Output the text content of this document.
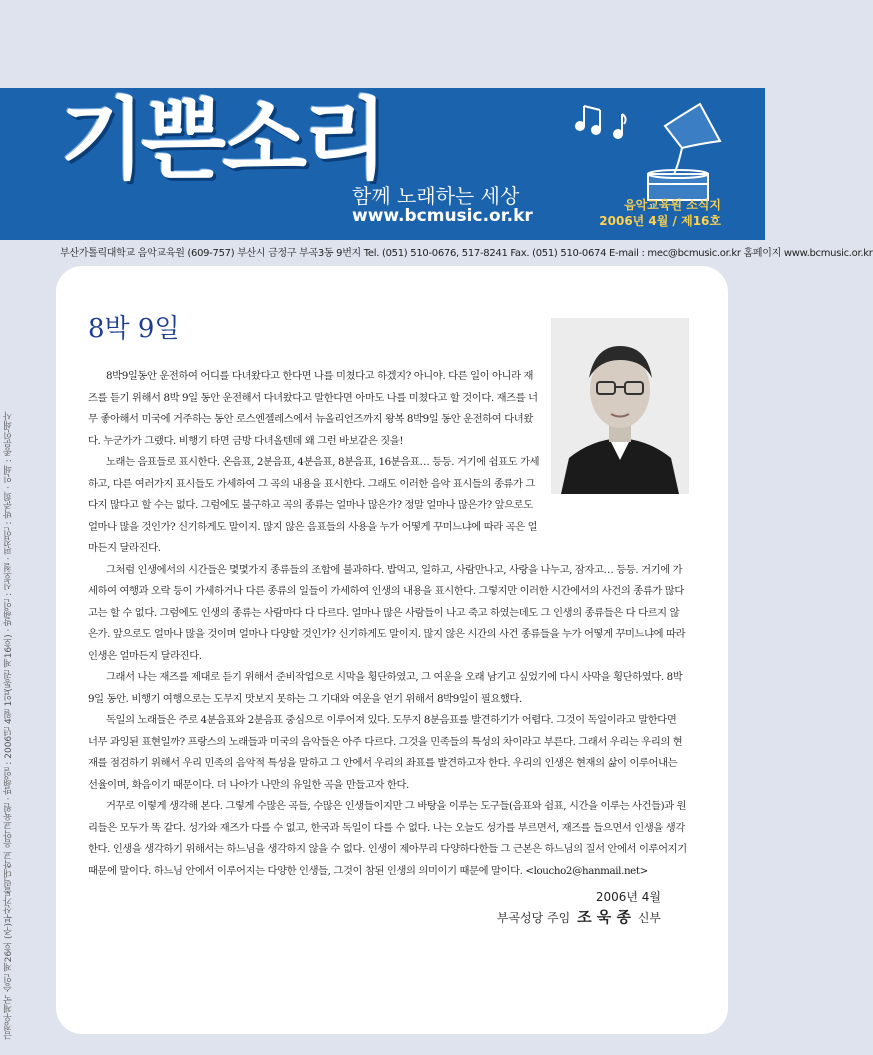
기쁜소리
함께 노래하는 세상
www.bcmusic.or.kr
음악교육원 소식지
2006년 4월 / 제16호
부산가톨릭대학교 음악교육원 (609-757) 부산시 금정구 부곡3동 9번지 Tel. (051) 510-0676, 517-8241 Fax. (051) 510-0674 E-mail : mec@bcmusic.or.kr 홈페이지 www.bcmusic.or.kr
8박 9일

8박9일동안 운전하여 어디를 다녀왔다고 한다면 나를 미쳤다고 하겠지? 아니야. 다른 일이 아니라 재즈를 듣기 위해서 8박 9일 동안 운전해서 다녀왔다고 말한다면 아마도 나를 미쳤다고 할 것이다. 재즈를 너무 좋아해서 미국에 거주하는 동안 로스엔젤레스에서 뉴올리언즈까지 왕복 8박9일 동안 운전하여 다녀왔다. 누군가가 그랬다. 비행기 타면 금방 다녀올텐데 왜 그런 바보같은 짓을!

노래는 음표들로 표시한다. 온음표, 2분음표, 4분음표, 8분음표, 16분음표… 등등. 거기에 쉼표도 가세하고, 다른 여러가지 표시들도 가세하여 그 곡의 내용을 표시한다. 그래도 이러한 음악 표시들의 종류가 그다지 많다고 할 수는 없다. 그럼에도 불구하고 곡의 종류는 얼마나 많은가? 정말 얼마나 많은가? 앞으로도 얼마나 많을 것인가? 신기하게도 말이지. 많지 않은 음표들의 사용을 누가 어떻게 꾸미느냐에 따라 곡은 얼마든지 달라진다.

그처럼 인생에서의 시간들은 몇몇가지 종류들의 조합에 불과하다. 밥먹고, 일하고, 사람만나고, 사랑을 나누고, 잠자고… 등등. 거기에 가세하여 여행과 오락 등이 가세하거나 다른 종류의 일들이 가세하여 인생의 내용을 표시한다. 그렇지만 이러한 시간에서의 사건의 종류가 많다고는 할 수 없다. 그럼에도 인생의 종류는 사람마다 다 다르다. 얼마나 많은 사람들이 나고 죽고 하였는데도 그 인생의 종류들은 다 다르지 않은가. 앞으로도 얼마나 많을 것이며 얼마나 다양할 것인가? 신기하게도 말이지. 많지 않은 시간의 사건 종류들을 누가 어떻게 꾸미느냐에 따라 인생은 얼마든지 달라진다.

그래서 나는 재즈를 제대로 듣기 위해서 준비작업으로 시막을 횡단하였고, 그 여운을 오래 남기고 싶었기에 다시 사막을 횡단하였다. 8박9일 동안. 비행기 여행으로는 도무지 맛보지 못하는 그 기대와 여운을 얻기 위해서 8박9일이 필요했다.

독일의 노래들은 주로 4분음표와 2분음표 중심으로 이루어져 있다. 도무지 8분음표를 발견하기가 어렵다. 그것이 독일이라고 말한다면 너무 과잉된 표현일까? 프랑스의 노래들과 미국의 음악들은 아주 다르다. 그것을 민족들의 특성의 차이라고 부른다. 그래서 우리는 우리의 현재를 점검하기 위해서 우리 민족의 음악적 특성을 말하고 그 안에서 우리의 좌표를 발견하고자 한다. 우리의 인생은 현재의 삶이 이루어내는 선율이며, 화음이기 때문이다. 더 나아가 나만의 유일한 곡을 만들고자 한다.

거꾸로 이렇게 생각해 본다. 그렇게 수많은 곡들, 수많은 인생들이지만 그 바탕을 이루는 도구들(음표와 쉼표, 시간을 이루는 사건들)과 원리들은 모두가 똑 같다. 성가와 재즈가 다를 수 없고, 한국과 독일이 다를 수 없다. 나는 오늘도 성가를 부르면서, 재즈를 들으면서 인생을 생각한다. 인생을 생각하기 위해서는 하느님을 생각하지 않을 수 없다. 인생이 제아무리 다양하다한들 그 근본은 하느님의 질서 안에서 이루어지기 때문에 말이다. 하느님 안에서 이루어지는 다양한 인생들, 그것이 참된 인생의 의미이기 때문에 말이다. <loucho2@hanmail.net>

2006년 4월
부곡성당 주임 조 욱 종 신부
금정우체국 승인 제26호 (주)부산가톨릭대학교 음악교육원 · 발행일 : 2006년 4월 1일(통권 제16호) · 발행인 : 신호철 · 편집인 : 박준희 · 인쇄 : 종문인쇄사
